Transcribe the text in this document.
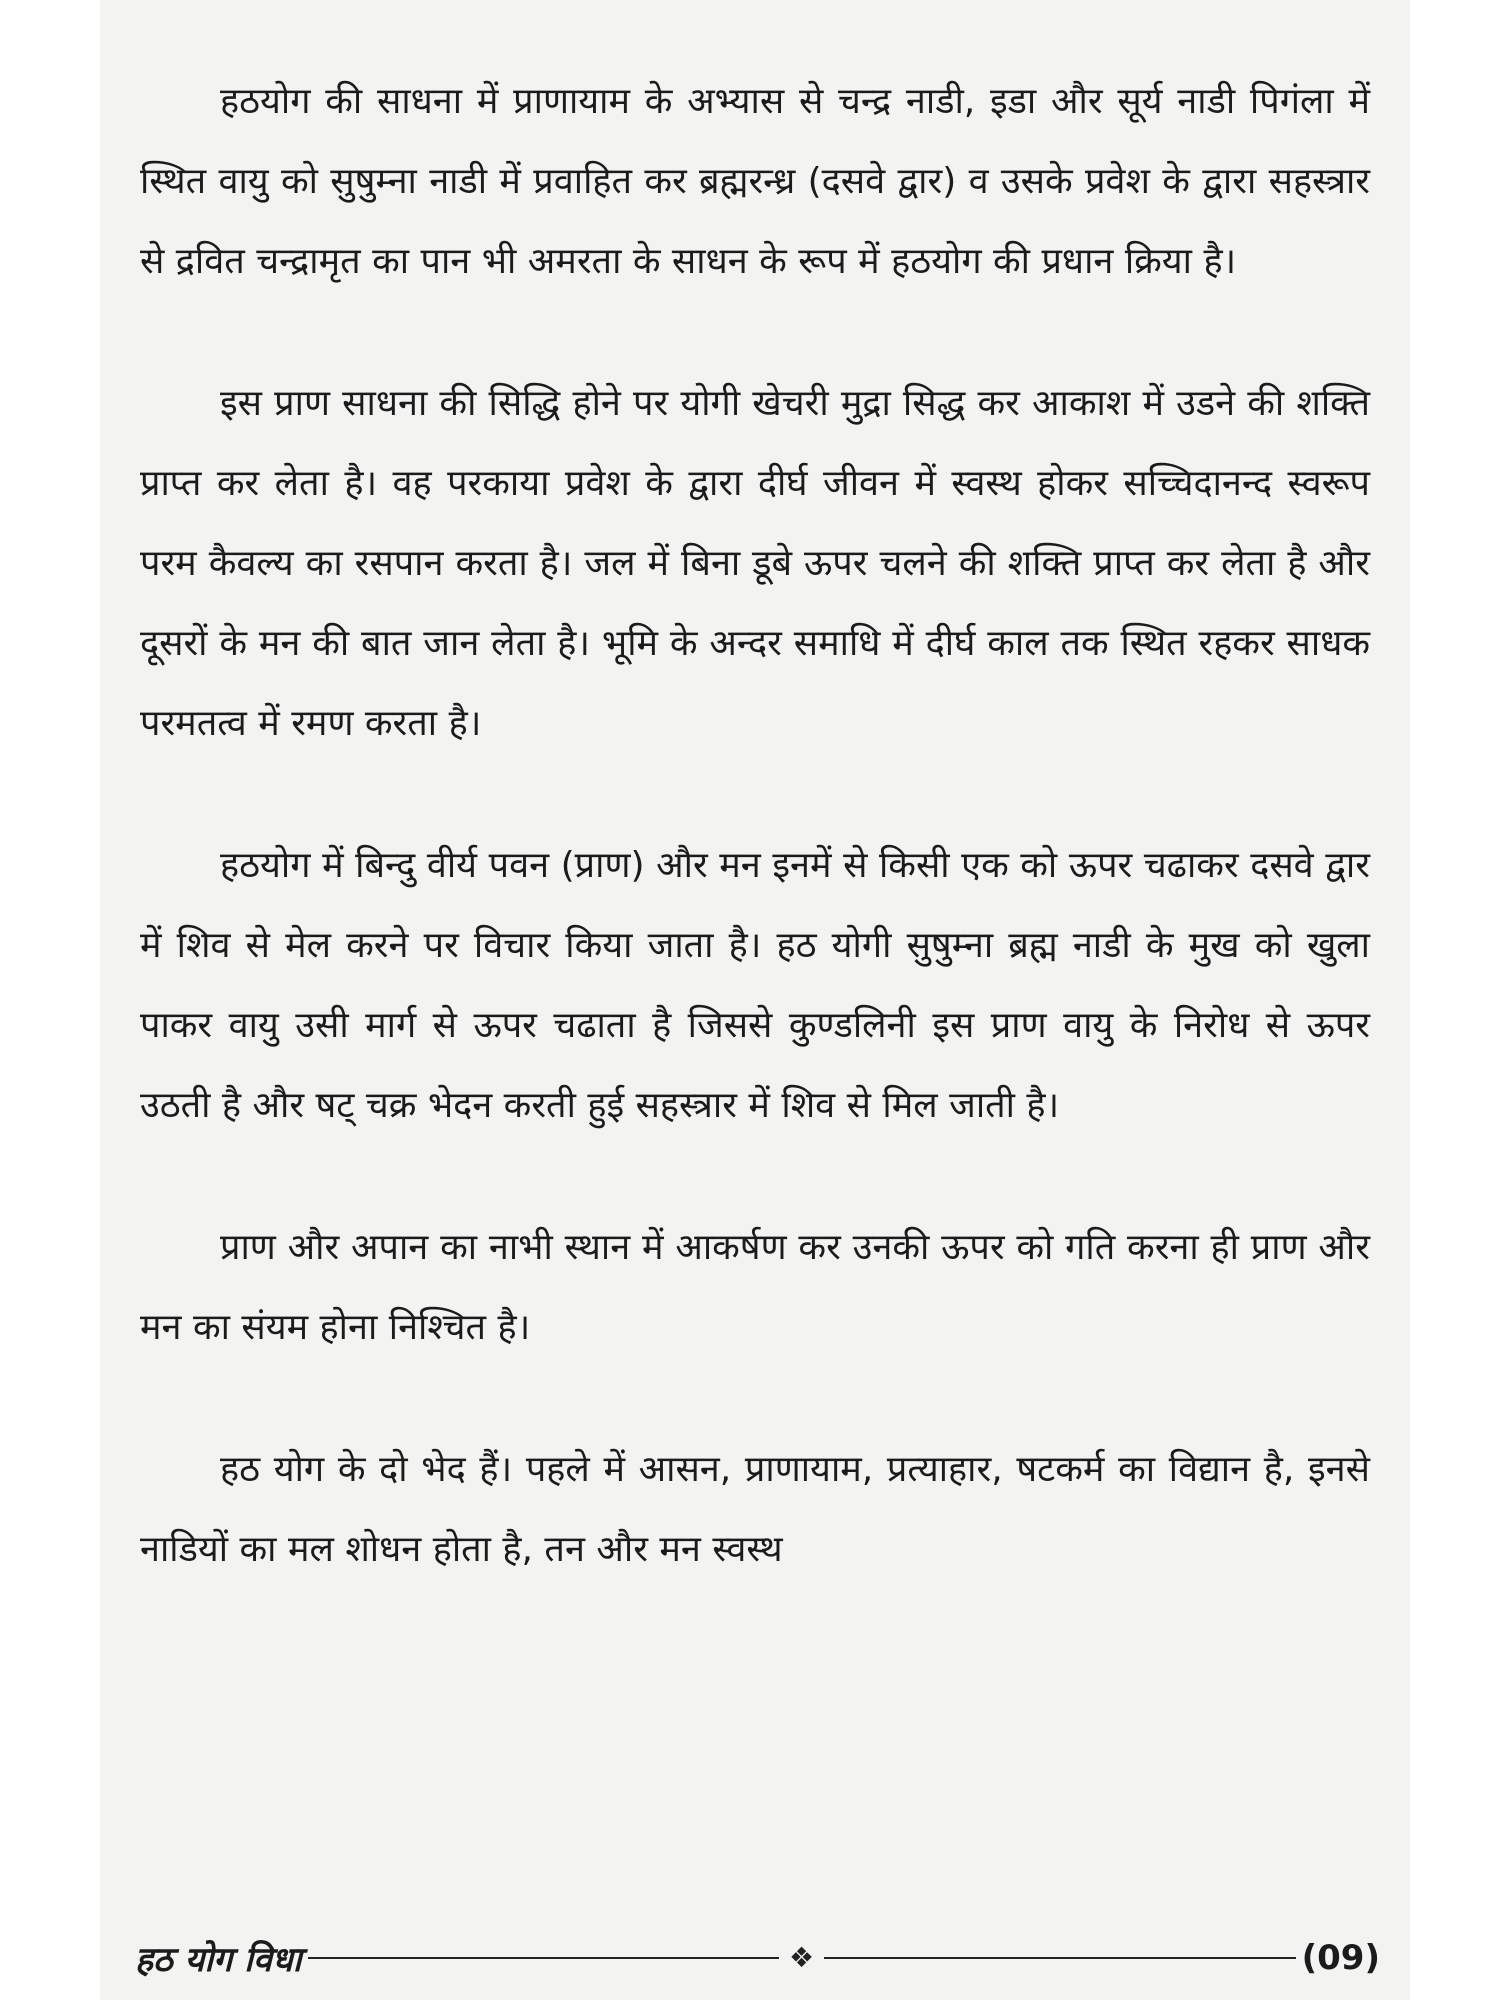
हठयोग की साधना में प्राणायाम के अभ्यास से चन्द्र नाडी, इडा और सूर्य नाडी पिगंला में स्थित वायु को सुषुम्ना नाडी में प्रवाहित कर ब्रह्मरन्ध्र (दसवे द्वार) व उसके प्रवेश के द्वारा सहस्त्रार से द्रवित चन्द्रामृत का पान भी अमरता के साधन के रूप में हठयोग की प्रधान क्रिया है।

इस प्राण साधना की सिद्धि होने पर योगी खेचरी मुद्रा सिद्ध कर आकाश में उडने की शक्ति प्राप्त कर लेता है। वह परकाया प्रवेश के द्वारा दीर्घ जीवन में स्वस्थ होकर सच्चिदानन्द स्वरूप परम कैवल्य का रसपान करता है। जल में बिना डूबे ऊपर चलने की शक्ति प्राप्त कर लेता है और दूसरों के मन की बात जान लेता है। भूमि के अन्दर समाधि में दीर्घ काल तक स्थित रहकर साधक परमतत्व में रमण करता है।

हठयोग में बिन्दु वीर्य पवन (प्राण) और मन इनमें से किसी एक को ऊपर चढाकर दसवे द्वार में शिव से मेल करने पर विचार किया जाता है। हठ योगी सुषुम्ना ब्रह्म नाडी के मुख को खुला पाकर वायु उसी मार्ग से ऊपर चढाता है जिससे कुण्डलिनी इस प्राण वायु के निरोध से ऊपर उठती है और षट् चक्र भेदन करती हुई सहस्त्रार में शिव से मिल जाती है।

प्राण और अपान का नाभी स्थान में आकर्षण कर उनकी ऊपर को गति करना ही प्राण और मन का संयम होना निश्चित है।

हठ योग के दो भेद हैं। पहले में आसन, प्राणायाम, प्रत्याहार, षटकर्म का विद्यान है, इनसे नाडियों का मल शोधन होता है, तन और मन स्वस्थ

हठ योग विधा	❖	(09)
